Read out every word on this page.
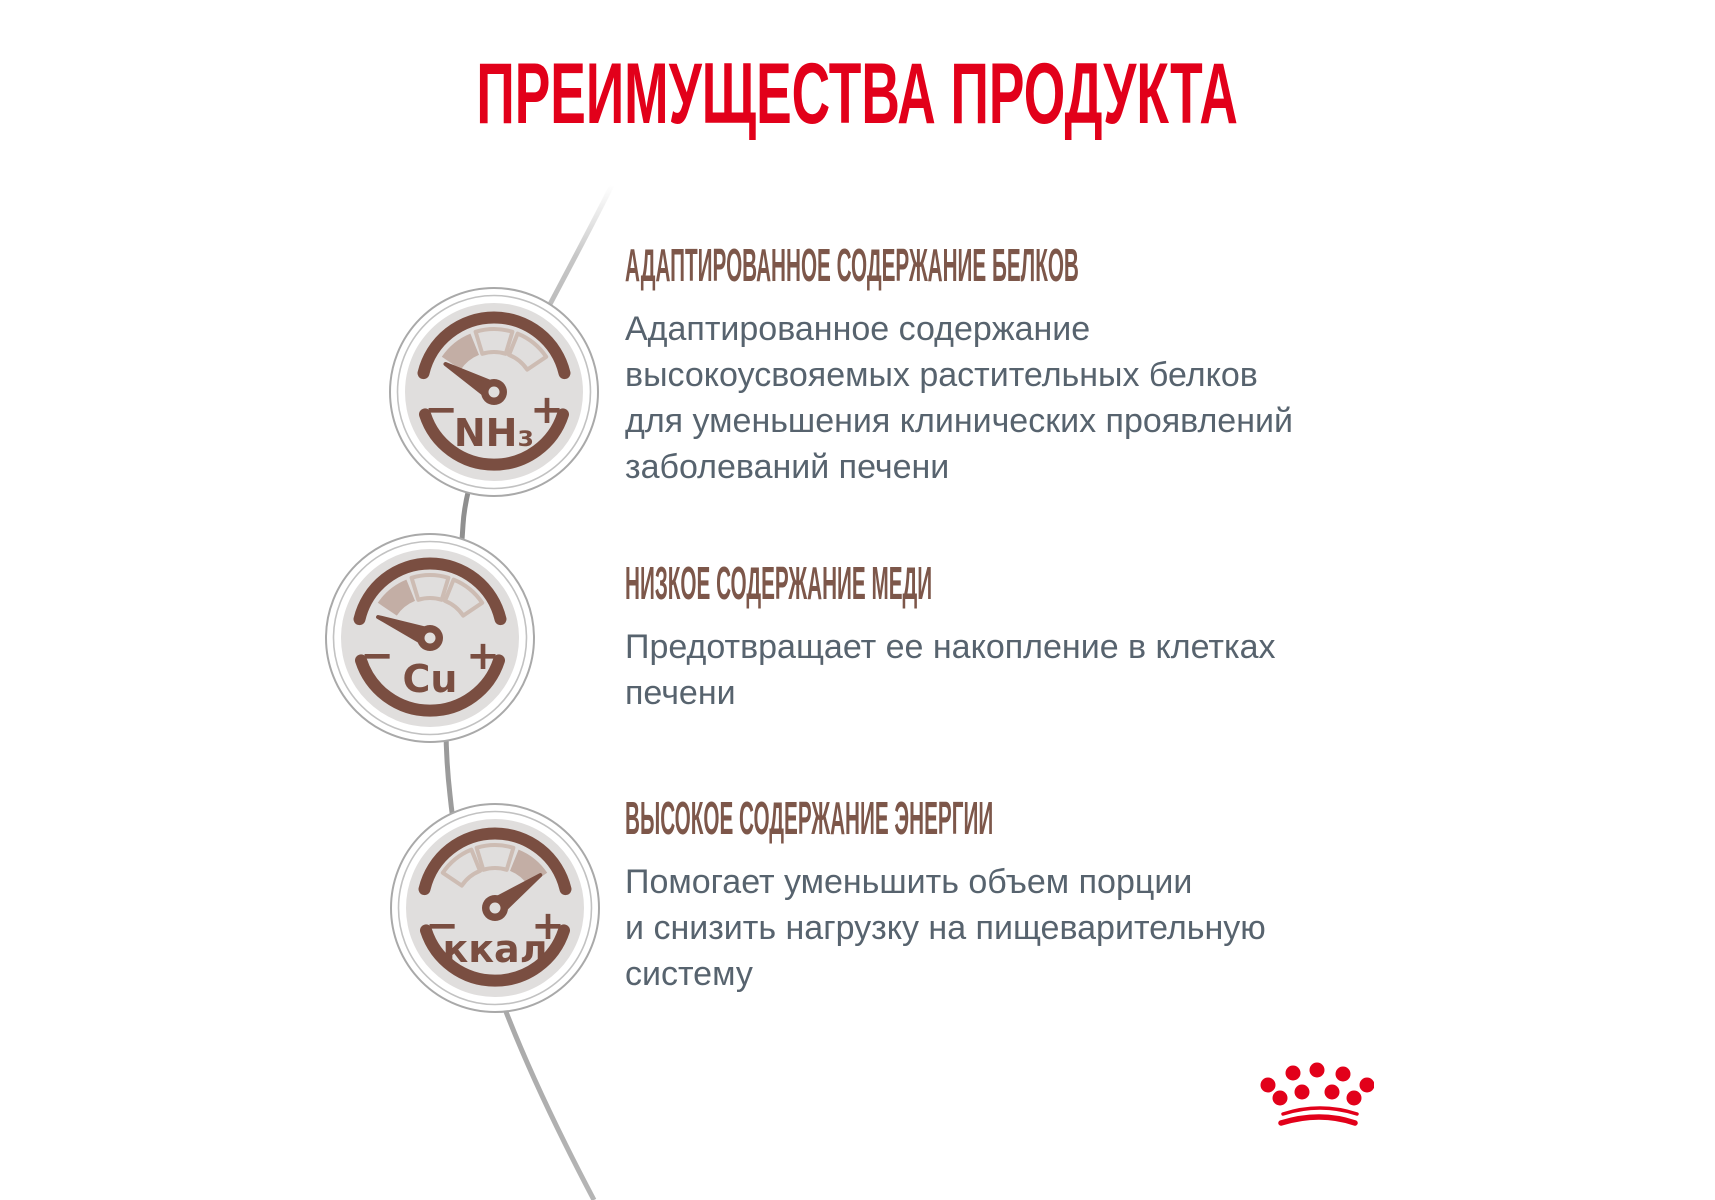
ПРЕИМУЩЕСТВА ПРОДУКТА
− +
NH₃
− +
Cu
− +
ккал
АДАПТИРОВАННОЕ СОДЕРЖАНИЕ БЕЛКОВ
Адаптированное содержание
высокоусвояемых растительных белков
для уменьшения клинических проявлений
заболеваний печени
НИЗКОЕ СОДЕРЖАНИЕ МЕДИ
Предотвращает ее накопление в клетках
печени
ВЫСОКОЕ СОДЕРЖАНИЕ ЭНЕРГИИ
Помогает уменьшить объем порции
и снизить нагрузку на пищеварительную
систему
